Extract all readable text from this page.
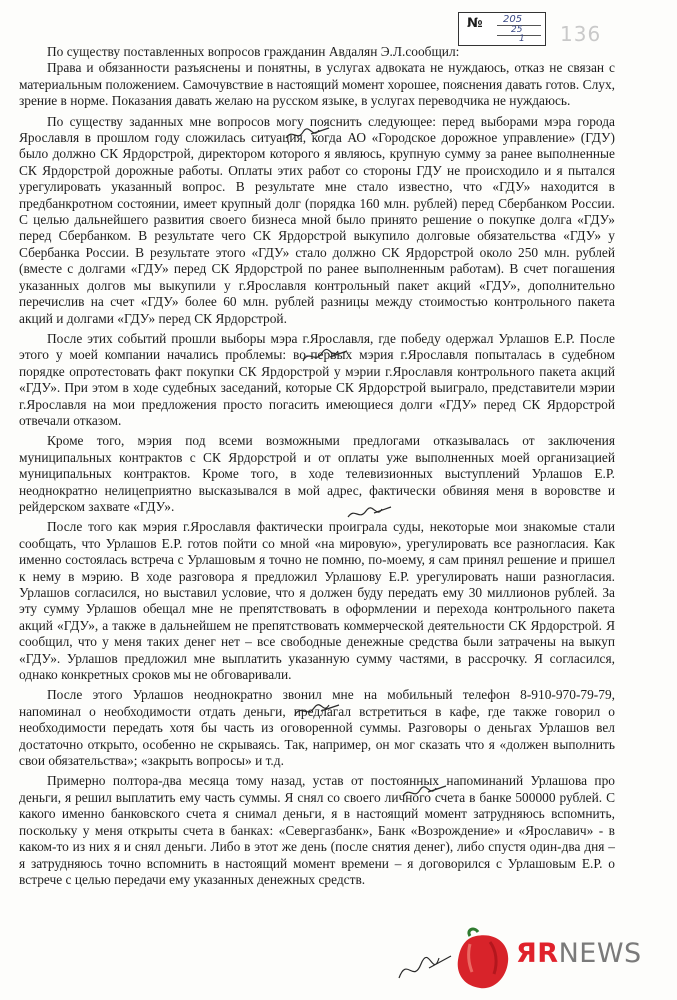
№ 205
25
1 136

По существу поставленных вопросов гражданин Авдалян Э.Л.сообщил:

Права и обязанности разъяснены и понятны, в услугах адвоката не нуждаюсь, отказ не связан с материальным положением. Самочувствие в настоящий момент хорошее, пояснения давать готов. Слух, зрение в норме. Показания давать желаю на русском языке, в услугах переводчика не нуждаюсь.

По существу заданных мне вопросов могу пояснить следующее: перед выборами мэра города Ярославля в прошлом году сложилась ситуация, когда АО «Городское дорожное управление» (ГДУ) было должно СК Ярдорстрой, директором которого я являюсь, крупную сумму за ранее выполненные СК Ярдорстрой дорожные работы. Оплаты этих работ со стороны ГДУ не происходило и я пытался урегулировать указанный вопрос. В результате мне стало известно, что «ГДУ» находится в предбанкротном состоянии, имеет крупный долг (порядка 160 млн. рублей) перед Сбербанком России. С целью дальнейшего развития своего бизнеса мной было принято решение о покупке долга «ГДУ» перед Сбербанком. В результате чего СК Ярдорстрой выкупило долговые обязательства «ГДУ» у Сбербанка России. В результате этого «ГДУ» стало должно СК Ярдорстрой около 250 млн. рублей (вместе с долгами «ГДУ» перед СК Ярдорстрой по ранее выполненным работам). В счет погашения указанных долгов мы выкупили у г.Ярославля контрольный пакет акций «ГДУ», дополнительно перечислив на счет «ГДУ» более 60 млн. рублей разницы между стоимостью контрольного пакета акций и долгами «ГДУ» перед СК Ярдорстрой.

После этих событий прошли выборы мэра г.Ярославля, где победу одержал Урлашов Е.Р. После этого у моей компании начались проблемы: во-первых мэрия г.Ярославля попыталась в судебном порядке опротестовать факт покупки СК Ярдорстрой у мэрии г.Ярославля контрольного пакета акций «ГДУ». При этом в ходе судебных заседаний, которые СК Ярдорстрой выиграло, представители мэрии г.Ярославля на мои предложения просто погасить имеющиеся долги «ГДУ» перед СК Ярдорстрой отвечали отказом.

Кроме того, мэрия под всеми возможными предлогами отказывалась от заключения муниципальных контрактов с СК Ярдорстрой и от оплаты уже выполненных моей организацией муниципальных контрактов. Кроме того, в ходе телевизионных выступлений Урлашов Е.Р. неоднократно нелицеприятно высказывался в мой адрес, фактически обвиняя меня в воровстве и рейдерском захвате «ГДУ».

После того как мэрия г.Ярославля фактически проиграла суды, некоторые мои знакомые стали сообщать, что Урлашов Е.Р. готов пойти со мной «на мировую», урегулировать все разногласия. Как именно состоялась встреча с Урлашовым я точно не помню, по-моему, я сам принял решение и пришел к нему в мэрию. В ходе разговора я предложил Урлашову Е.Р. урегулировать наши разногласия. Урлашов согласился, но выставил условие, что я должен буду передать ему 30 миллионов рублей. За эту сумму Урлашов обещал мне не препятствовать в оформлении и перехода контрольного пакета акций «ГДУ», а также в дальнейшем не препятствовать коммерческой деятельности СК Ярдорстрой. Я сообщил, что у меня таких денег нет – все свободные денежные средства были затрачены на выкуп «ГДУ». Урлашов предложил мне выплатить указанную сумму частями, в рассрочку. Я согласился, однако конкретных сроков мы не обговаривали.

После этого Урлашов неоднократно звонил мне на мобильный телефон 8-910-970-79-79, напоминал о необходимости отдать деньги, предлагал встретиться в кафе, где также говорил о необходимости передать хотя бы часть из оговоренной суммы. Разговоры о деньгах Урлашов вел достаточно открыто, особенно не скрываясь. Так, например, он мог сказать что я «должен выполнить свои обязательства»; «закрыть вопросы» и т.д.

Примерно полтора-два месяца тому назад, устав от постоянных напоминаний Урлашова про деньги, я решил выплатить ему часть суммы. Я снял со своего личного счета в банке 500000 рублей. С какого именно банковского счета я снимал деньги, я в настоящий момент затрудняюсь вспомнить, поскольку у меня открыты счета в банках: «Севергазбанк», Банк «Возрождение» и «Ярославич» - в каком-то из них я и снял деньги. Либо в этот же день (после снятия денег), либо спустя один-два дня – я затрудняюсь точно вспомнить в настоящий момент времени – я договорился с Урлашовым Е.Р. о встрече с целью передачи ему указанных денежных средств.

ЯRNEWS
